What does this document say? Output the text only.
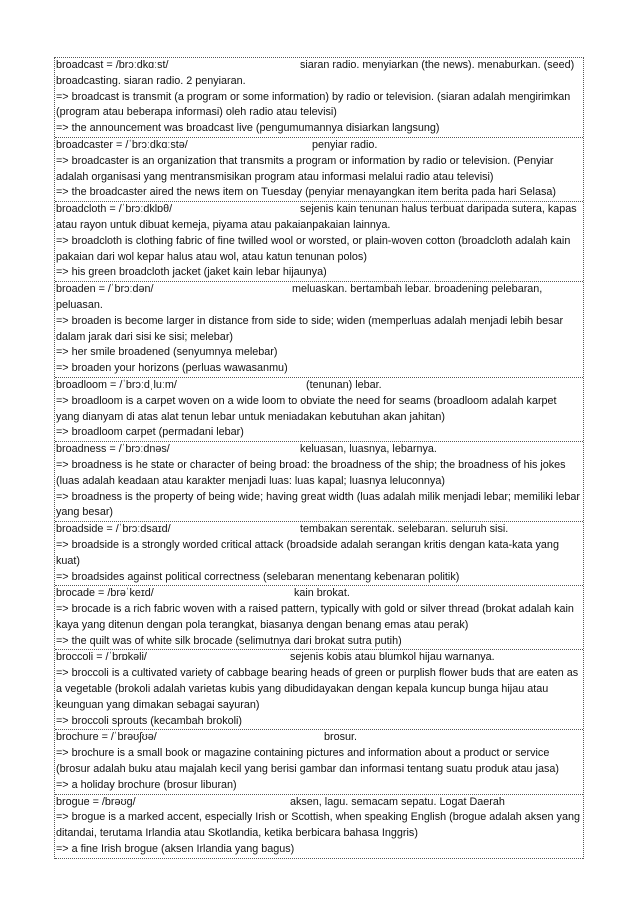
broadcast = /brɔːdkɑːst/	siaran radio. menyiarkan (the news). menaburkan. (seed)

broadcasting. siaran radio. 2 penyiaran.
=> broadcast is transmit (a program or some information) by radio or television. (siaran adalah mengirimkan (program atau beberapa informasi) oleh radio atau televisi)
=> the announcement was broadcast live (pengumumannya disiarkan langsung)
broadcaster = /ˈbrɔːdkɑːstə/	penyiar radio.

=> broadcaster is an organization that transmits a program or information by radio or television. (Penyiar adalah organisasi yang mentransmisikan program atau informasi melalui radio atau televisi)
=> the broadcaster aired the news item on Tuesday (penyiar menayangkan item berita pada hari Selasa)
broadcloth = /ˈbrɔːdklɒθ/	sejenis kain tenunan halus terbuat daripada sutera, kapas

atau rayon untuk dibuat kemeja, piyama atau pakaianpakaian lainnya.
=> broadcloth is clothing fabric of fine twilled wool or worsted, or plain-woven cotton (broadcloth adalah kain pakaian dari wol kepar halus atau wol, atau katun tenunan polos)
=> his green broadcloth jacket (jaket kain lebar hijaunya)
broaden = /ˈbrɔːdən/	meluaskan. bertambah lebar. broadening pelebaran,

peluasan.
=> broaden is become larger in distance from side to side; widen (memperluas adalah menjadi lebih besar dalam jarak dari sisi ke sisi; melebar)
=> her smile broadened (senyumnya melebar)
=> broaden your horizons (perluas wawasanmu)
broadloom = /ˈbrɔːdˌluːm/	(tenunan) lebar.

=> broadloom is a carpet woven on a wide loom to obviate the need for seams (broadloom adalah karpet yang dianyam di atas alat tenun lebar untuk meniadakan kebutuhan akan jahitan)
=> broadloom carpet (permadani lebar)
broadness = /ˈbrɔːdnəs/	keluasan, luasnya, lebarnya.

=> broadness is he state or character of being broad: the broadness of the ship; the broadness of his jokes (luas adalah keadaan atau karakter menjadi luas: luas kapal; luasnya leluconnya)
=> broadness is the property of being wide; having great width (luas adalah milik menjadi lebar; memiliki lebar yang besar)
broadside = /ˈbrɔːdsaɪd/	tembakan serentak. selebaran. seluruh sisi.

=> broadside is a strongly worded critical attack (broadside adalah serangan kritis dengan kata-kata yang kuat)
=> broadsides against political correctness (selebaran menentang kebenaran politik)
brocade = /brəˈkeɪd/	kain brokat.

=> brocade is a rich fabric woven with a raised pattern, typically with gold or silver thread (brokat adalah kain kaya yang ditenun dengan pola terangkat, biasanya dengan benang emas atau perak)
=> the quilt was of white silk brocade (selimutnya dari brokat sutra putih)
broccoli = /ˈbrɒkəli/	sejenis kobis atau blumkol hijau warnanya.

=> broccoli is a cultivated variety of cabbage bearing heads of green or purplish flower buds that are eaten as a vegetable (brokoli adalah varietas kubis yang dibudidayakan dengan kepala kuncup bunga hijau atau keunguan yang dimakan sebagai sayuran)
=> broccoli sprouts (kecambah brokoli)
brochure = /ˈbrəʊʃʊə/	brosur.

=> brochure is a small book or magazine containing pictures and information about a product or service (brosur adalah buku atau majalah kecil yang berisi gambar dan informasi tentang suatu produk atau jasa)
=> a holiday brochure (brosur liburan)
brogue = /brəʊg/	aksen, lagu. semacam sepatu. Logat Daerah

=> brogue is a marked accent, especially Irish or Scottish, when speaking English (brogue adalah aksen yang ditandai, terutama Irlandia atau Skotlandia, ketika berbicara bahasa Inggris)
=> a fine Irish brogue (aksen Irlandia yang bagus)
